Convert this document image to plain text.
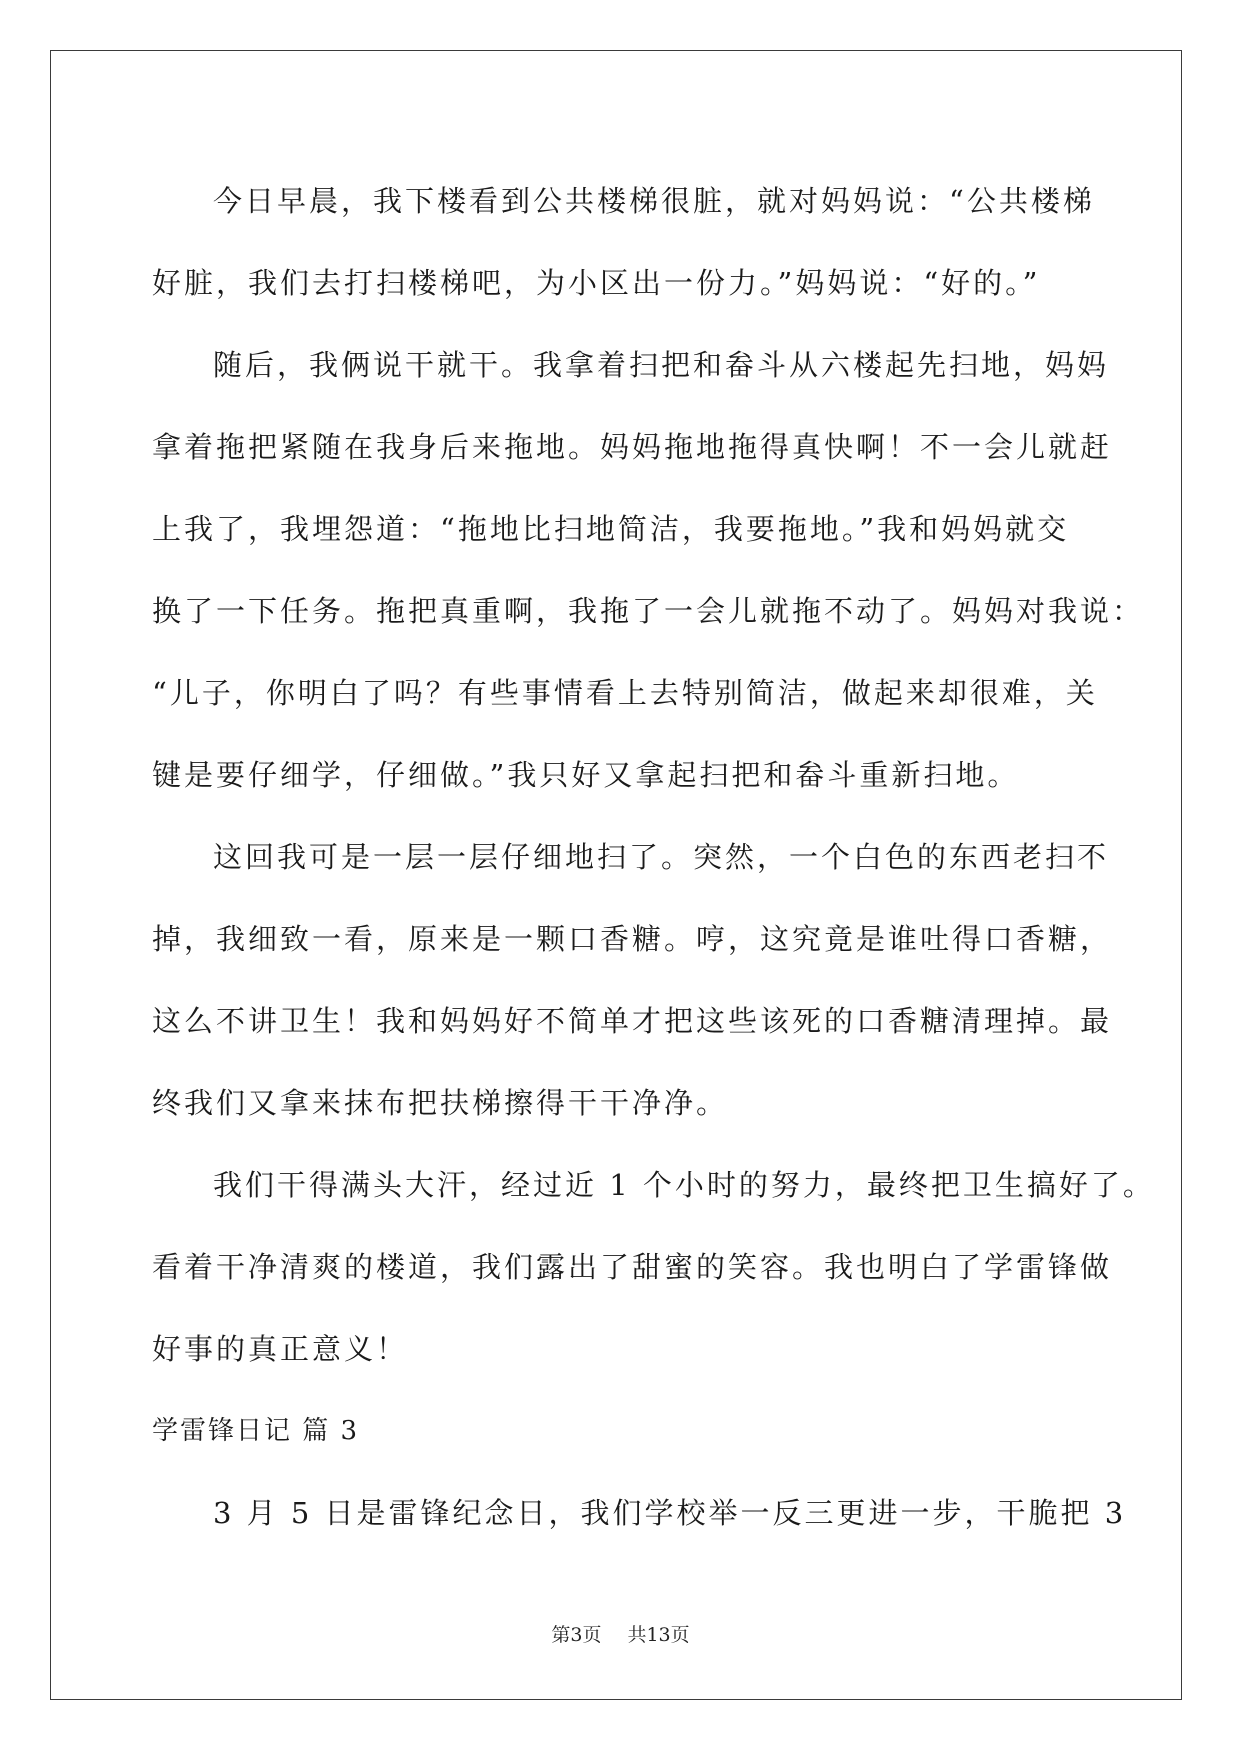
今日早晨，我下楼看到公共楼梯很脏，就对妈妈说：“公共楼梯
好脏，我们去打扫楼梯吧，为小区出一份力。”妈妈说：“好的。”
随后，我俩说干就干。我拿着扫把和畚斗从六楼起先扫地，妈妈
拿着拖把紧随在我身后来拖地。妈妈拖地拖得真快啊！不一会儿就赶
上我了，我埋怨道：“拖地比扫地简洁，我要拖地。”我和妈妈就交
换了一下任务。拖把真重啊，我拖了一会儿就拖不动了。妈妈对我说：
“儿子，你明白了吗？有些事情看上去特别简洁，做起来却很难，关
键是要仔细学，仔细做。”我只好又拿起扫把和畚斗重新扫地。
这回我可是一层一层仔细地扫了。突然，一个白色的东西老扫不
掉，我细致一看，原来是一颗口香糖。哼，这究竟是谁吐得口香糖，
这么不讲卫生！我和妈妈好不简单才把这些该死的口香糖清理掉。最
终我们又拿来抹布把扶梯擦得干干净净。
我们干得满头大汗，经过近 1 个小时的努力，最终把卫生搞好了。
看着干净清爽的楼道，我们露出了甜蜜的笑容。我也明白了学雷锋做
好事的真正意义！
学雷锋日记 篇 3
3 月 5 日是雷锋纪念日，我们学校举一反三更进一步，干脆把 3
第3页 共13页
